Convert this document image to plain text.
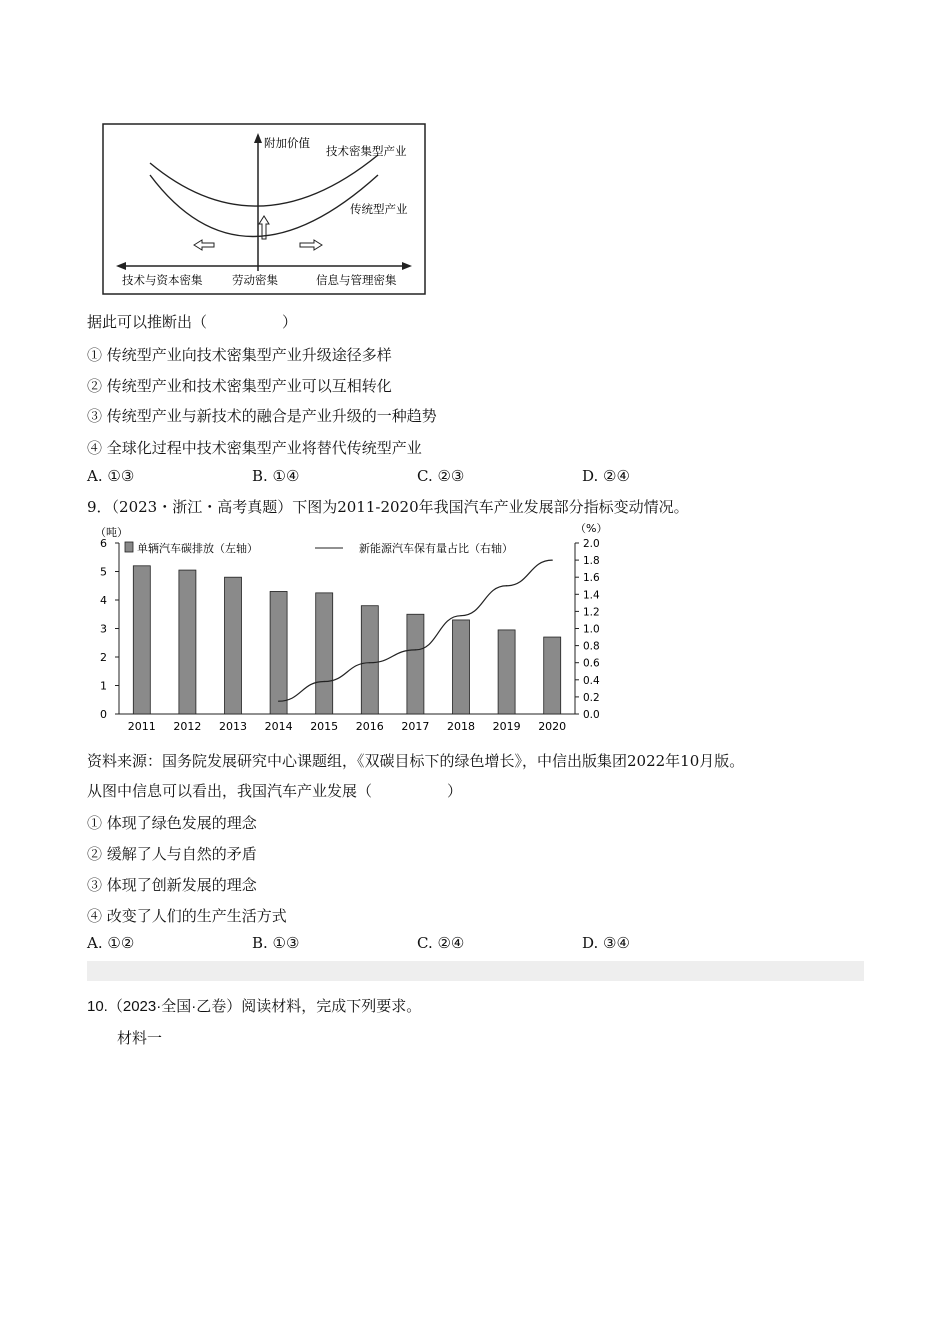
附加价值
技术密集型产业
传统型产业
技术与资本密集	劳动密集	信息与管理密集
据此可以推断出（　　　　　）
① 传统型产业向技术密集型产业升级途径多样
② 传统型产业和技术密集型产业可以互相转化
③ 传统型产业与新技术的融合是产业升级的一种趋势
④ 全球化过程中技术密集型产业将替代传统型产业
A. ①③	B. ①④	C. ②③	D. ②④
9．（2023・浙江・高考真题）下图为2011-2020年我国汽车产业发展部分指标变动情况。
（吨）	（%）
单辆汽车碳排放（左轴）	新能源汽车保有量占比（右轴）
0
1
2
3
4
5
6
0.0
0.2
0.4
0.6
0.8
1.0
1.2
1.4
1.6
1.8
2.0
2011 2012 2013 2014 2015 2016 2017 2018 2019 2020
资料来源：国务院发展研究中心课题组，《双碳目标下的绿色增长》，中信出版集团2022年10月版。
从图中信息可以看出，我国汽车产业发展（　　　　　）
① 体现了绿色发展的理念
② 缓解了人与自然的矛盾
③ 体现了创新发展的理念
④ 改变了人们的生产生活方式
A. ①②	B. ①③	C. ②④	D. ③④
10.（2023·全国·乙卷）阅读材料，完成下列要求。
材料一
